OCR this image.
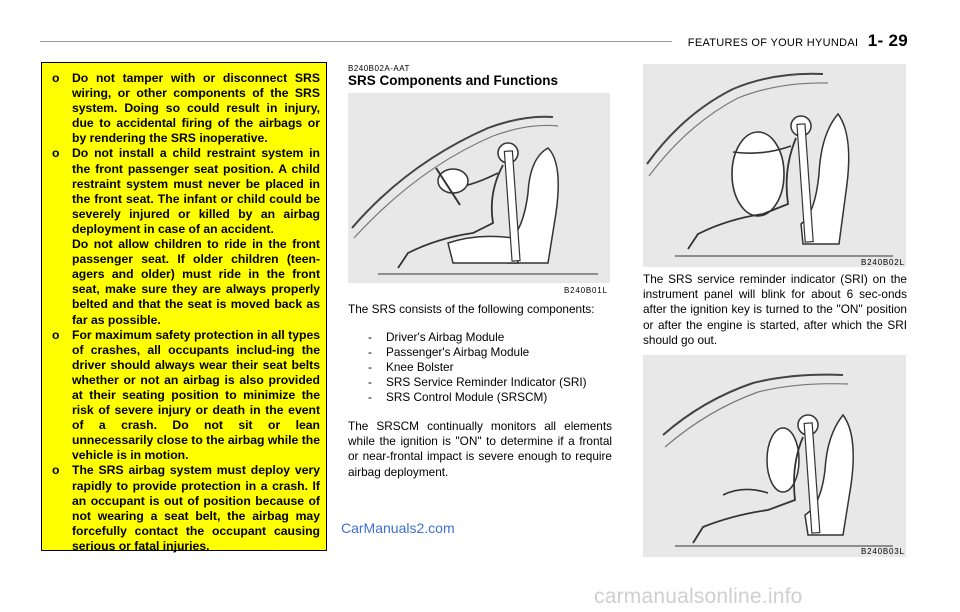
FEATURES OF YOUR HYUNDAI 1- 29
o	Do not tamper with or disconnect SRS wiring, or other components of the SRS system. Doing so could result in injury, due to accidental firing of the airbags or by rendering the SRS inoperative.
o	Do not install a child restraint system in the front passenger seat position. A child restraint system must never be placed in the front seat. The infant or child could be severely injured or killed by an airbag deployment in case of an accident.
Do not allow children to ride in the front passenger seat. If older children (teen-agers and older) must ride in the front seat, make sure they are always properly belted and that the seat is moved back as far as possible.
o	For maximum safety protection in all types of crashes, all occupants includ-ing the driver should always wear their seat belts whether or not an airbag is also provided at their seating position to minimize the risk of severe injury or death in the event of a crash. Do not sit or lean unnecessarily close to the airbag while the vehicle is in motion.
o	The SRS airbag system must deploy very rapidly to provide protection in a crash. If an occupant is out of position because of not wearing a seat belt, the airbag may forcefully contact the occupant causing serious or fatal injuries.
B240B02A-AAT
SRS Components and Functions
B240B01L
The SRS consists of the following components:
-	Driver's Airbag Module
-	Passenger's Airbag Module
-	Knee Bolster
-	SRS Service Reminder Indicator (SRI)
-	SRS Control Module (SRSCM)
The SRSCM continually monitors all elements while the ignition is "ON" to determine if a frontal or near-frontal impact is severe enough to require airbag deployment.
B240B02L
The SRS service reminder indicator (SRI) on the instrument panel will blink for about 6 sec-onds after the ignition key is turned to the "ON" position or after the engine is started, after which the SRI should go out.
B240B03L
CarManuals2.com
carmanualsonline.info
